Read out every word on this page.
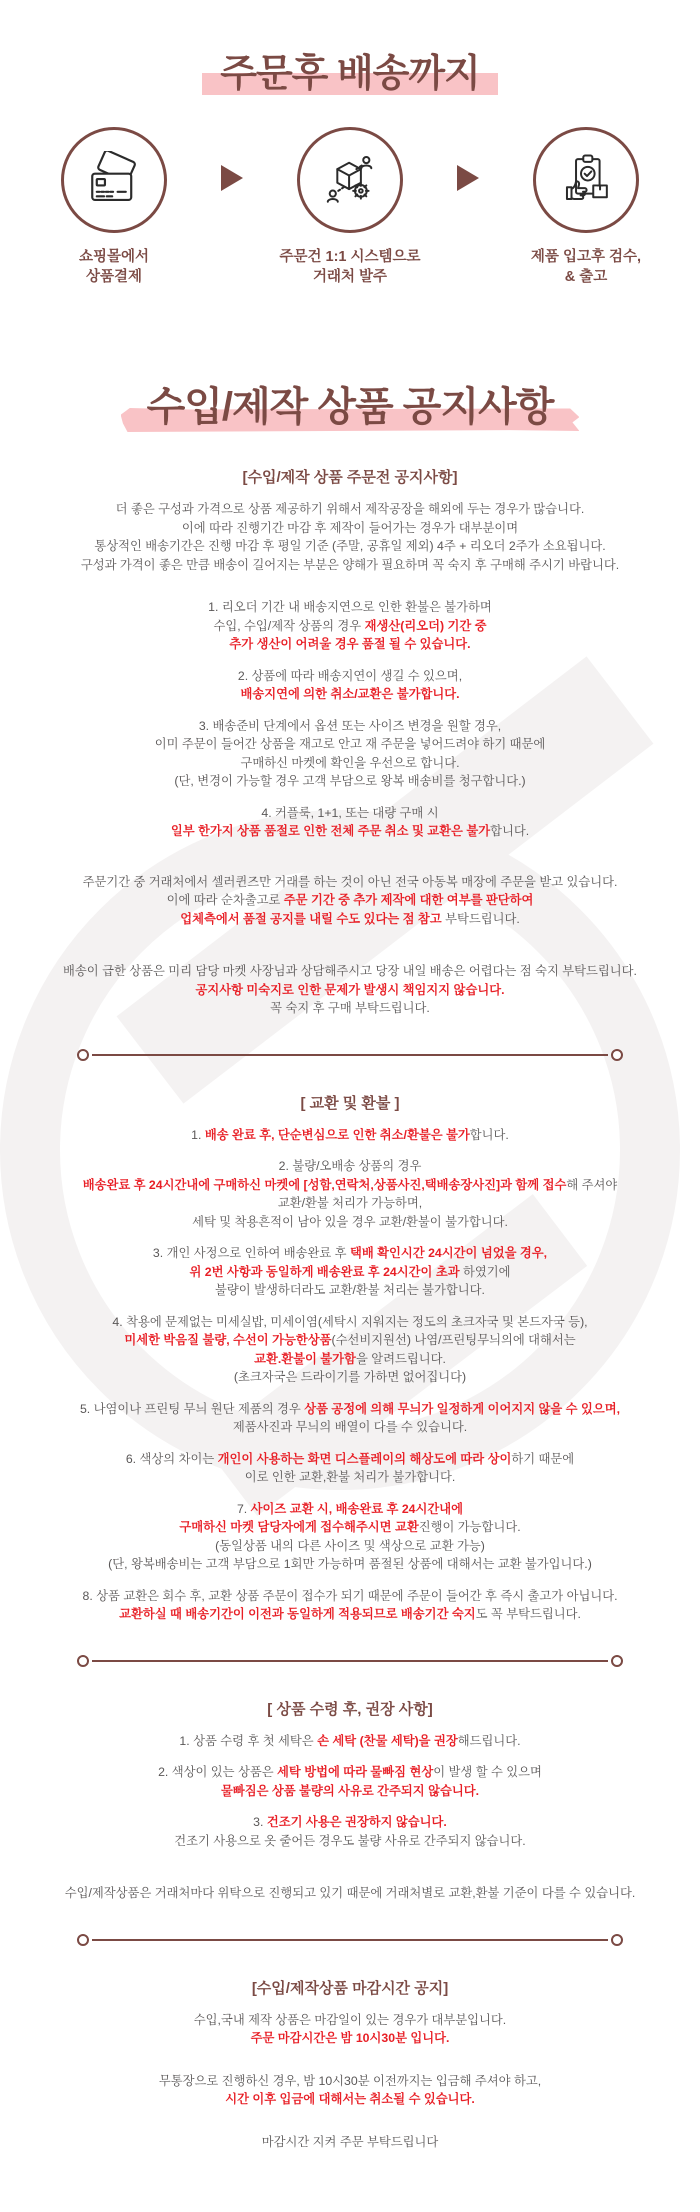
주문후 배송까지
쇼핑몰에서
상품결제
주문건 1:1 시스템으로
거래처 발주
제품 입고후 검수,
& 출고
수입/제작 상품 공지사항
[수입/제작 상품 주문전 공지사항]

더 좋은 구성과 가격으로 상품 제공하기 위해서 제작공장을 해외에 두는 경우가 많습니다.
이에 따라 진행기간 마감 후 제작이 들어가는 경우가 대부분이며
통상적인 배송기간은 진행 마감 후 평일 기준 (주말, 공휴일 제외) 4주 + 리오더 2주가 소요됩니다.
구성과 가격이 좋은 만큼 배송이 길어지는 부분은 양해가 필요하며 꼭 숙지 후 구매해 주시기 바랍니다.

1. 리오더 기간 내 배송지연으로 인한 환불은 불가하며
수입, 수입/제작 상품의 경우 재생산(리오더) 기간 중
추가 생산이 어려울 경우 품절 될 수 있습니다.

2. 상품에 따라 배송지연이 생길 수 있으며,
배송지연에 의한 취소/교환은 불가합니다.

3. 배송준비 단계에서 옵션 또는 사이즈 변경을 원할 경우,
이미 주문이 들어간 상품을 재고로 안고 재 주문을 넣어드려야 하기 때문에
구매하신 마켓에 확인을 우선으로 합니다.
(단, 변경이 가능할 경우 고객 부담으로 왕복 배송비를 청구합니다.)

4. 커플룩, 1+1, 또는 대량 구매 시
일부 한가지 상품 품절로 인한 전체 주문 취소 및 교환은 불가합니다.

주문기간 중 거래처에서 셀러퀸즈만 거래를 하는 것이 아닌 전국 아동복 매장에 주문을 받고 있습니다.
이에 따라 순차출고로 주문 기간 중 추가 제작에 대한 여부를 판단하여
업체측에서 품절 공지를 내릴 수도 있다는 점 참고 부탁드립니다.

배송이 급한 상품은 미리 담당 마켓 사장님과 상담해주시고 당장 내일 배송은 어렵다는 점 숙지 부탁드립니다.
공지사항 미숙지로 인한 문제가 발생시 책임지지 않습니다.
꼭 숙지 후 구매 부탁드립니다.

[ 교환 및 환불 ]

1. 배송 완료 후, 단순변심으로 인한 취소/환불은 불가합니다.

2. 불량/오배송 상품의 경우
배송완료 후 24시간내에 구매하신 마켓에 [성함,연락처,상품사진,택배송장사진]과 함께 접수해 주셔야
교환/환불 처리가 가능하며,
세탁 및 착용흔적이 남아 있을 경우 교환/환불이 불가합니다.

3. 개인 사정으로 인하여 배송완료 후 택배 확인시간 24시간이 넘었을 경우,
위 2번 사항과 동일하게 배송완료 후 24시간이 초과 하였기에
불량이 발생하더라도 교환/환불 처리는 불가합니다.

4. 착용에 문제없는 미세실밥, 미세이염(세탁시 지워지는 정도의 초크자국 및 본드자국 등),
미세한 박음질 불량, 수선이 가능한상품(수선비지원선) 나염/프린팅무늬의에 대해서는
교환.환불이 불가함을 알려드립니다.
(초크자국은 드라이기를 가하면 없어집니다)

5. 나염이나 프린팅 무늬 원단 제품의 경우 상품 공정에 의해 무늬가 일정하게 이어지지 않을 수 있으며,
제품사진과 무늬의 배열이 다를 수 있습니다.

6. 색상의 차이는 개인이 사용하는 화면 디스플레이의 해상도에 따라 상이하기 때문에
이로 인한 교환,환불 처리가 불가합니다.

7. 사이즈 교환 시, 배송완료 후 24시간내에
구매하신 마켓 담당자에게 접수해주시면 교환진행이 가능합니다.
(동일상품 내의 다른 사이즈 및 색상으로 교환 가능)
(단, 왕복배송비는 고객 부담으로 1회만 가능하며 품절된 상품에 대해서는 교환 불가입니다.)

8. 상품 교환은 회수 후, 교환 상품 주문이 접수가 되기 때문에 주문이 들어간 후 즉시 출고가 아닙니다.
교환하실 때 배송기간이 이전과 동일하게 적용되므로 배송기간 숙지도 꼭 부탁드립니다.

[ 상품 수령 후, 권장 사항]

1. 상품 수령 후 첫 세탁은 손 세탁 (찬물 세탁)을 권장해드립니다.

2. 색상이 있는 상품은 세탁 방법에 따라 물빠짐 현상이 발생 할 수 있으며
물빠짐은 상품 불량의 사유로 간주되지 않습니다.

3. 건조기 사용은 권장하지 않습니다.
건조기 사용으로 옷 줄어든 경우도 불량 사유로 간주되지 않습니다.

수입/제작상품은 거래처마다 위탁으로 진행되고 있기 때문에 거래처별로 교환,환불 기준이 다를 수 있습니다.

[수입/제작상품 마감시간 공지]

수입,국내 제작 상품은 마감일이 있는 경우가 대부분입니다.
주문 마감시간은 밤 10시30분 입니다.

무통장으로 진행하신 경우, 밤 10시30분 이전까지는 입금해 주셔야 하고,
시간 이후 입금에 대해서는 취소될 수 있습니다.

마감시간 지켜 주문 부탁드립니다
